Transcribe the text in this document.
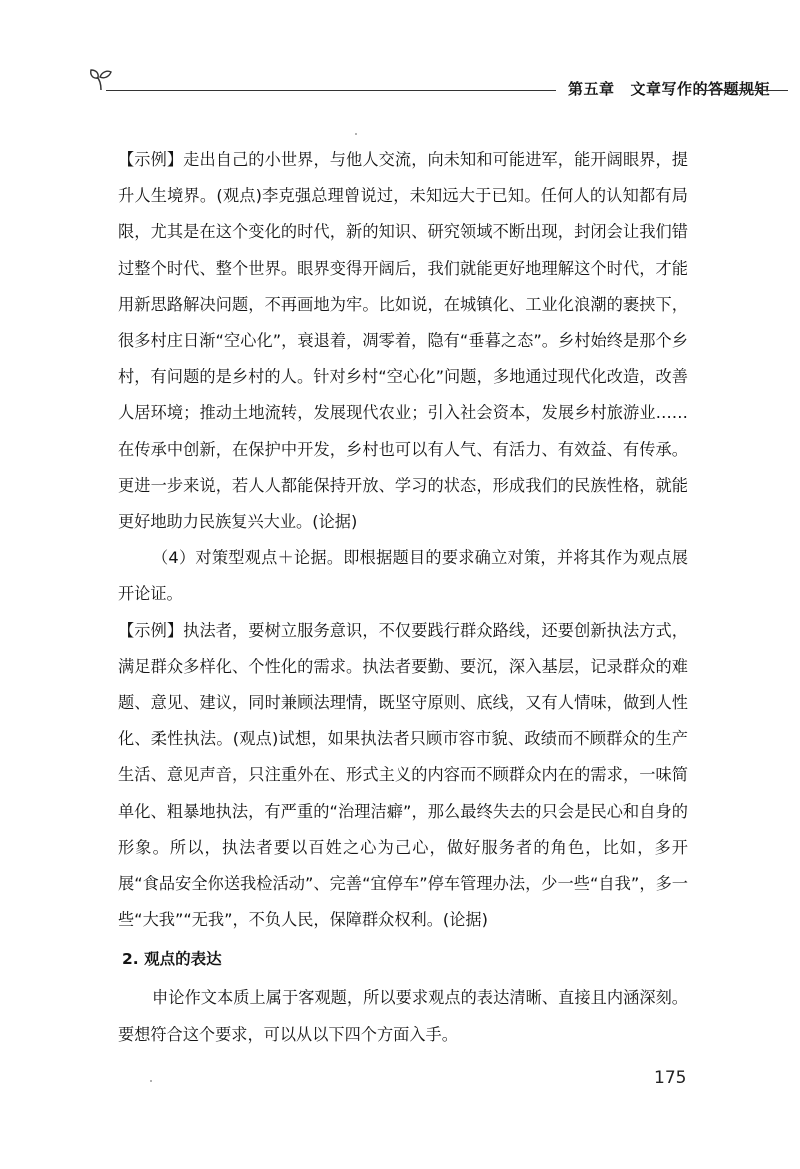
第五章 文章写作的答题规矩

【示例】走出自己的小世界，与他人交流，向未知和可能进军，能开阔眼界，提升人生境界。(观点)李克强总理曾说过，未知远大于已知。任何人的认知都有局限，尤其是在这个变化的时代，新的知识、研究领域不断出现，封闭会让我们错过整个时代、整个世界。眼界变得开阔后，我们就能更好地理解这个时代，才能用新思路解决问题，不再画地为牢。比如说，在城镇化、工业化浪潮的裹挟下，很多村庄日渐“空心化”，衰退着，凋零着，隐有“垂暮之态”。乡村始终是那个乡村，有问题的是乡村的人。针对乡村“空心化”问题，多地通过现代化改造，改善人居环境；推动土地流转，发展现代农业；引入社会资本，发展乡村旅游业……在传承中创新，在保护中开发，乡村也可以有人气、有活力、有效益、有传承。更进一步来说，若人人都能保持开放、学习的状态，形成我们的民族性格，就能更好地助力民族复兴大业。(论据)

（4）对策型观点＋论据。即根据题目的要求确立对策，并将其作为观点展开论证。

【示例】执法者，要树立服务意识，不仅要践行群众路线，还要创新执法方式，满足群众多样化、个性化的需求。执法者要勤、要沉，深入基层，记录群众的难题、意见、建议，同时兼顾法理情，既坚守原则、底线，又有人情味，做到人性化、柔性执法。(观点)试想，如果执法者只顾市容市貌、政绩而不顾群众的生产生活、意见声音，只注重外在、形式主义的内容而不顾群众内在的需求，一味简单化、粗暴地执法，有严重的“治理洁癖”，那么最终失去的只会是民心和自身的形象。所以，执法者要以百姓之心为己心，做好服务者的角色，比如，多开展“食品安全你送我检活动”、完善“宜停车”停车管理办法，少一些“自我”，多一些“大我”“无我”，不负人民，保障群众权利。(论据)

2. 观点的表达

申论作文本质上属于客观题，所以要求观点的表达清晰、直接且内涵深刻。要想符合这个要求，可以从以下四个方面入手。

175
